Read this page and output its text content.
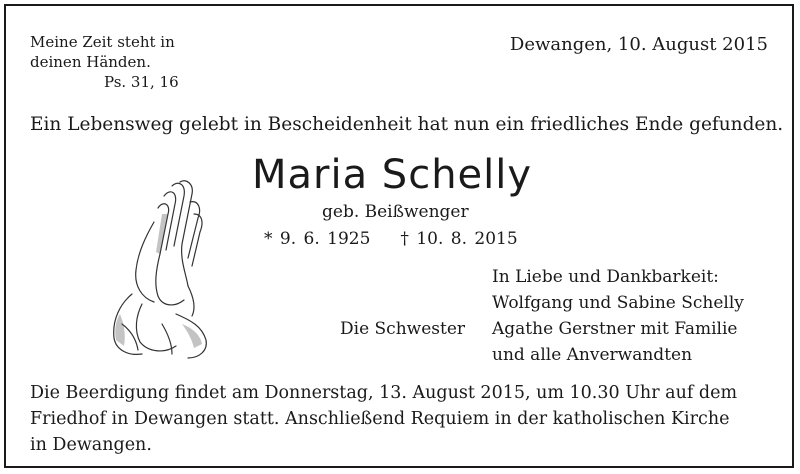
Meine Zeit steht in
deinen Händen.
Ps. 31, 16
Dewangen, 10. August 2015
Ein Lebensweg gelebt in Bescheidenheit hat nun ein friedliches Ende gefunden.
Maria Schelly
geb. Beißwenger
* 9. 6. 1925 † 10. 8. 2015
In Liebe und Dankbarkeit:
Wolfgang und Sabine Schelly
Agathe Gerstner mit Familie
und alle Anverwandten
Die Schwester
Die Beerdigung findet am Donnerstag, 13. August 2015, um 10.30 Uhr auf dem
Friedhof in Dewangen statt. Anschließend Requiem in der katholischen Kirche
in Dewangen.
